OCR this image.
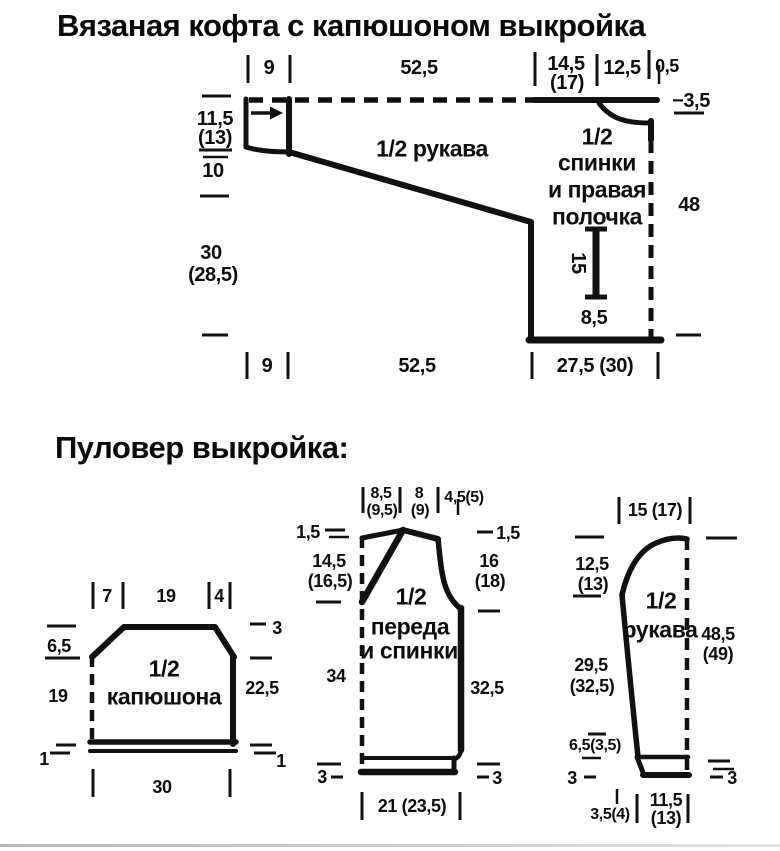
Вязаная кофта с капюшоном выкройка
Пуловер выкройка:
9	52,5	14,5
(17)
12,5 0,5
−3,5
48
11,5
(13)
10
30
(28,5)
9	52,5	27,5 (30)
15
8,5
1/2 рукава	1/2
спинки
и правая
полочка
7 19 4
6,5
19
1
3
22,5
1
30
1/2
капюшона
8,5
(9,5)
8
(9)
4,5(5)
1,5
14,5
(16,5)
34
3
1,5
16
(18)
32,5
3
21 (23,5)
1/2
переда
и спинки
15 (17)
12,5
(13)
29,5
(32,5)
6,5(3,5)
3
48,5
(49)
3
3,5(4)
11,5
(13)
1/2
рукава
